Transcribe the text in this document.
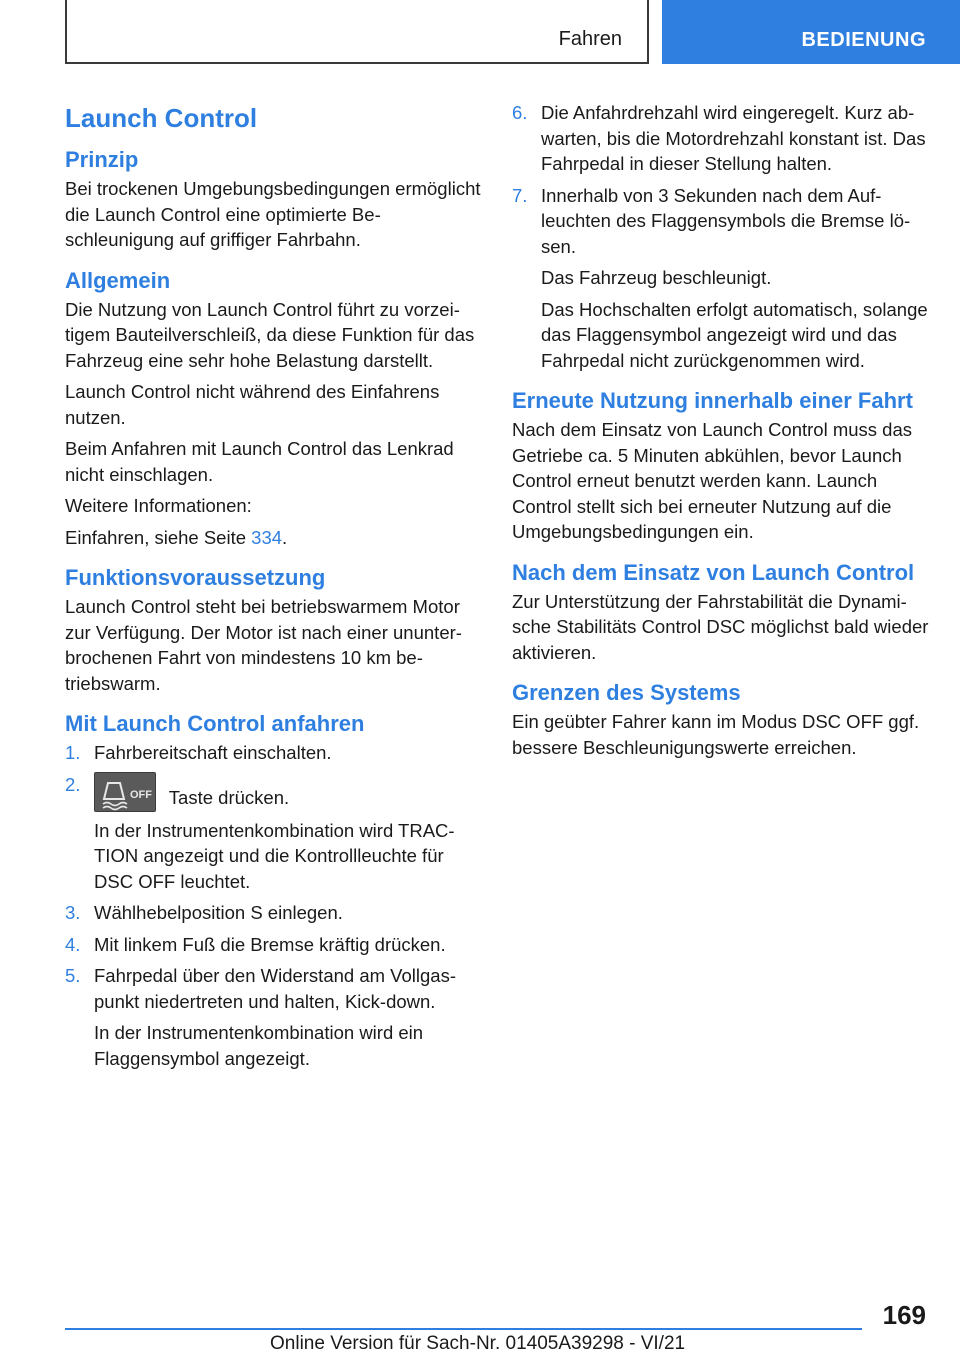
Fahren	BEDIENUNG
Launch Control
Prinzip

Bei trockenen Umgebungsbedingungen ermöglicht die Launch Control eine optimierte Beschleunigung auf griffiger Fahrbahn.

Allgemein

Die Nutzung von Launch Control führt zu vorzeitigem Bauteilverschleiß, da diese Funktion für das Fahrzeug eine sehr hohe Belastung darstellt.

Launch Control nicht während des Einfahrens nutzen.

Beim Anfahren mit Launch Control das Lenkrad nicht einschlagen.

Weitere Informationen:

Einfahren, siehe Seite 334.

Funktionsvoraussetzung

Launch Control steht bei betriebswarmem Motor zur Verfügung. Der Motor ist nach einer ununterbrochenen Fahrt von mindestens 10 km betriebswarm.

Mit Launch Control anfahren
1. Fahrbereitschaft einschalten.
2.	OFF Taste drücken.
In der Instrumentenkombination wird TRACTION angezeigt und die Kontrollleuchte für DSC OFF leuchtet.
3. Wählhebelposition S einlegen.
4. Mit linkem Fuß die Bremse kräftig drücken.
5. Fahrpedal über den Widerstand am Vollgaspunkt niedertreten und halten, Kick-down.
In der Instrumentenkombination wird ein Flaggensymbol angezeigt.
6. Die Anfahrdrehzahl wird eingeregelt. Kurz abwarten, bis die Motordrehzahl konstant ist. Das Fahrpedal in dieser Stellung halten.
7. Innerhalb von 3 Sekunden nach dem Aufleuchten des Flaggensymbols die Bremse lösen.
Das Fahrzeug beschleunigt.
Das Hochschalten erfolgt automatisch, solange das Flaggensymbol angezeigt wird und das Fahrpedal nicht zurückgenommen wird.
Erneute Nutzung innerhalb einer Fahrt

Nach dem Einsatz von Launch Control muss das Getriebe ca. 5 Minuten abkühlen, bevor Launch Control erneut benutzt werden kann. Launch Control stellt sich bei erneuter Nutzung auf die Umgebungsbedingungen ein.

Nach dem Einsatz von Launch Control

Zur Unterstützung der Fahrstabilität die Dynamische Stabilitäts Control DSC möglichst bald wieder aktivieren.

Grenzen des Systems

Ein geübter Fahrer kann im Modus DSC OFF ggf. bessere Beschleunigungswerte erreichen.

169
Online Version für Sach-Nr. 01405A39298 - VI/21
